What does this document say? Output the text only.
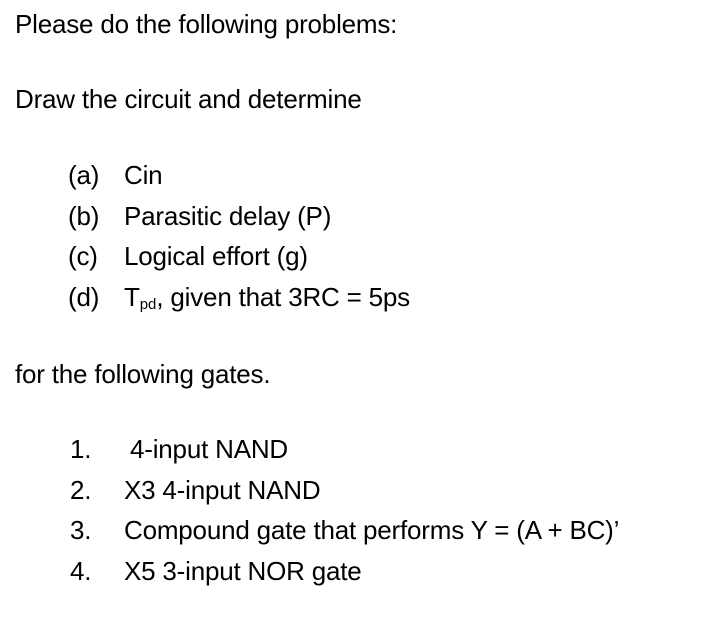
Please do the following problems:
Draw the circuit and determine
(a) Cin
(b) Parasitic delay (P)
(c) Logical effort (g)
(d) $T_{pd}$, given that 3RC = 5ps
for the following gates.
1. 4-input NAND
2. X3 4-input NAND
3. Compound gate that performs Y = (A + BC)’
4. X5 3-input NOR gate
